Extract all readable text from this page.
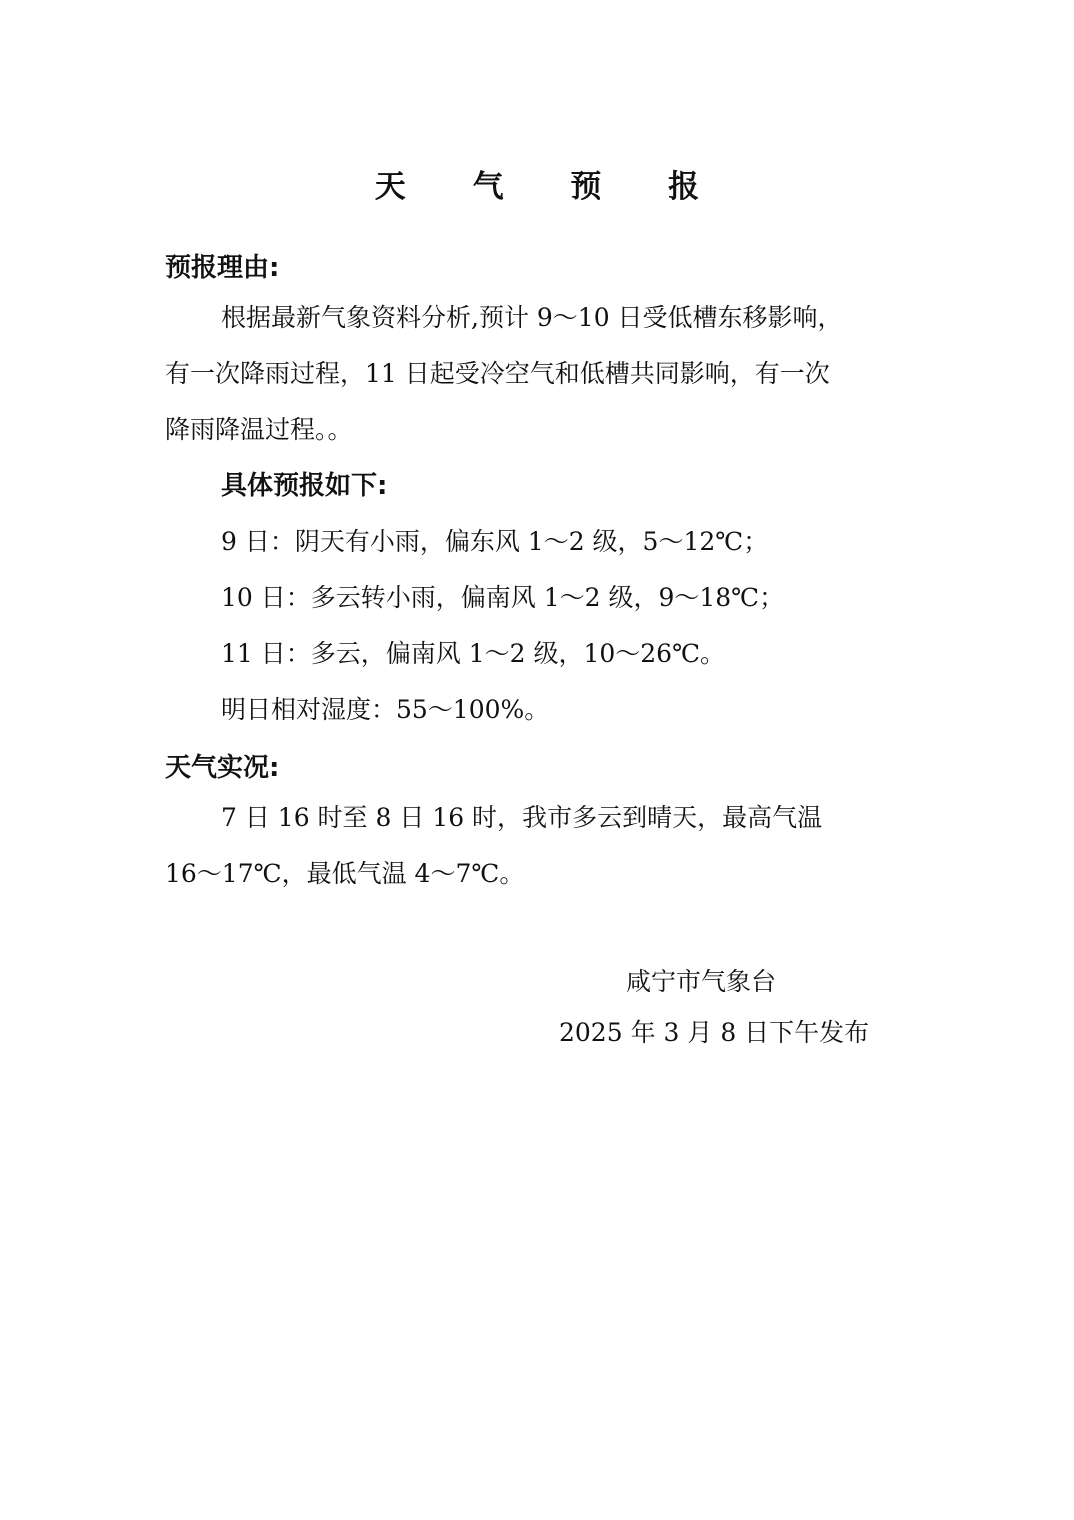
天 气 预 报
预报理由:
根据最新气象资料分析,预计 9～10 日受低槽东移影响，
有一次降雨过程，11 日起受冷空气和低槽共同影响，有一次
降雨降温过程。。
具体预报如下:
9 日：阴天有小雨，偏东风 1～2 级，5～12℃；
10 日：多云转小雨，偏南风 1～2 级，9～18℃；
11 日：多云，偏南风 1～2 级，10～26℃。
明日相对湿度：55～100%。
天气实况:
7 日 16 时至 8 日 16 时，我市多云到晴天，最高气温
16～17℃，最低气温 4～7℃。
咸宁市气象台
2025 年 3 月 8 日下午发布
